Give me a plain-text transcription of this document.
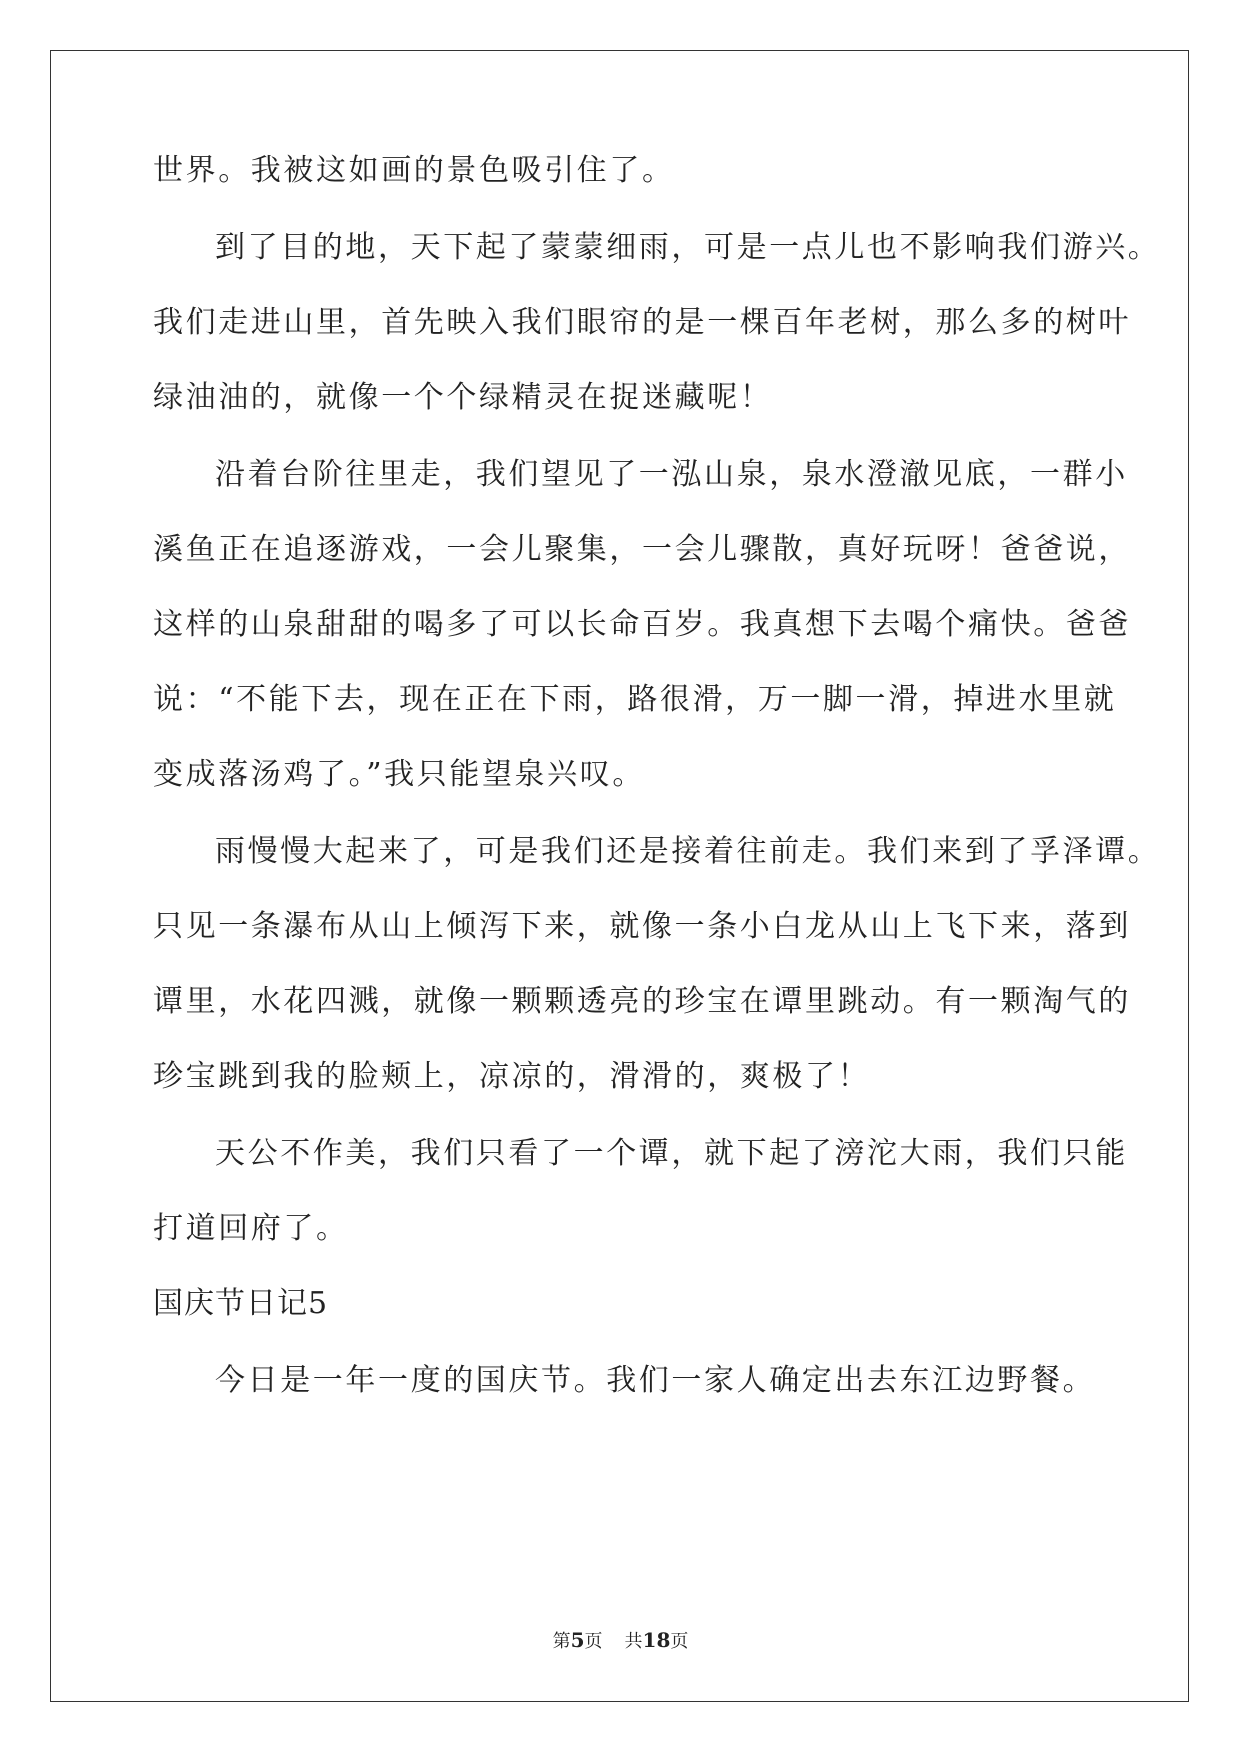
世界。我被这如画的景色吸引住了。
到了目的地，天下起了蒙蒙细雨，可是一点儿也不影响我们游兴。
我们走进山里，首先映入我们眼帘的是一棵百年老树，那么多的树叶
绿油油的，就像一个个绿精灵在捉迷藏呢！
沿着台阶往里走，我们望见了一泓山泉，泉水澄澈见底，一群小
溪鱼正在追逐游戏，一会儿聚集，一会儿骤散，真好玩呀！爸爸说，
这样的山泉甜甜的喝多了可以长命百岁。我真想下去喝个痛快。爸爸
说：“不能下去，现在正在下雨，路很滑，万一脚一滑，掉进水里就
变成落汤鸡了。”我只能望泉兴叹。
雨慢慢大起来了，可是我们还是接着往前走。我们来到了孚泽谭。
只见一条瀑布从山上倾泻下来，就像一条小白龙从山上飞下来，落到
谭里，水花四溅，就像一颗颗透亮的珍宝在谭里跳动。有一颗淘气的
珍宝跳到我的脸颊上，凉凉的，滑滑的，爽极了！
天公不作美，我们只看了一个谭，就下起了滂沱大雨，我们只能
打道回府了。
国庆节日记5
今日是一年一度的国庆节。我们一家人确定出去东江边野餐。
第5页 共18页
